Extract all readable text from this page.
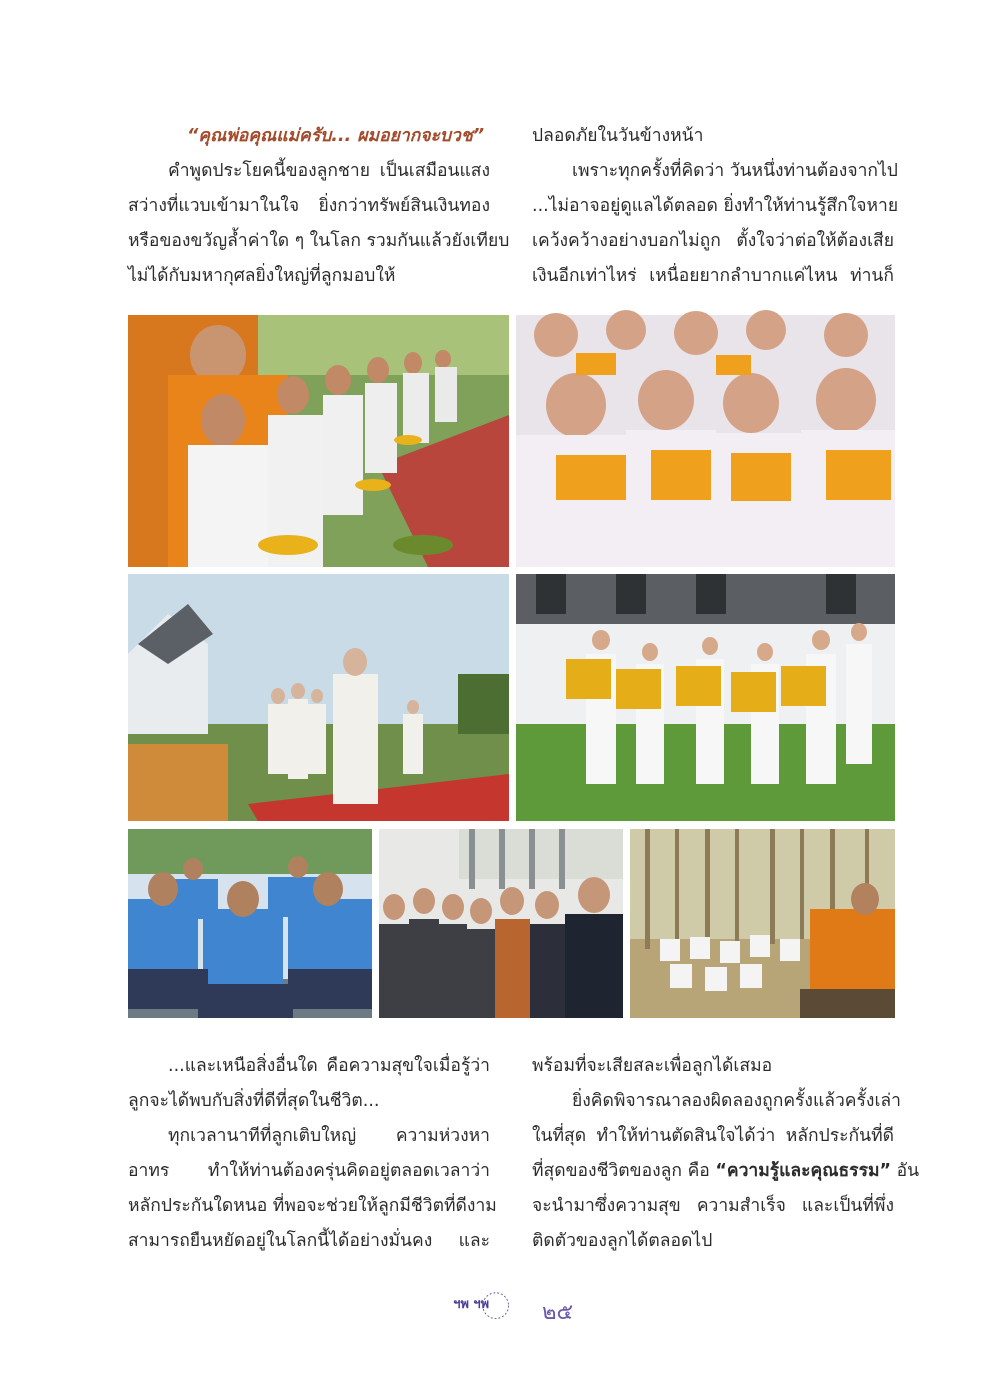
“คุณพ่อคุณแม่ครับ... ผมอยากจะบวช”
คำพูดประโยคนี้ของลูกชาย เป็นเสมือนแสง
สว่างที่แวบเข้ามาในใจ ยิ่งกว่าทรัพย์สินเงินทอง
หรือของขวัญล้ำค่าใด ๆ ในโลก รวมกันแล้วยังเทียบ
ไม่ได้กับมหากุศลยิ่งใหญ่ที่ลูกมอบให้
ปลอดภัยในวันข้างหน้า
เพราะทุกครั้งที่คิดว่า วันหนึ่งท่านต้องจากไป
...ไม่อาจอยู่ดูแลได้ตลอด ยิ่งทำให้ท่านรู้สึกใจหาย
เคว้งคว้างอย่างบอกไม่ถูก ตั้งใจว่าต่อให้ต้องเสีย
เงินอีกเท่าไหร่ เหนื่อยยากลำบากแค่ไหน ท่านก็
...และเหนือสิ่งอื่นใด คือความสุขใจเมื่อรู้ว่า
ลูกจะได้พบกับสิ่งที่ดีที่สุดในชีวิต...
ทุกเวลานาทีที่ลูกเติบใหญ่ ความห่วงหา
อาทร ทำให้ท่านต้องครุ่นคิดอยู่ตลอดเวลาว่า
หลักประกันใดหนอ ที่พอจะช่วยให้ลูกมีชีวิตที่ดีงาม
สามารถยืนหยัดอยู่ในโลกนี้ได้อย่างมั่นคง และ
พร้อมที่จะเสียสละเพื่อลูกได้เสมอ
ยิ่งคิดพิจารณาลองผิดลองถูกครั้งแล้วครั้งเล่า
ในที่สุด ทำให้ท่านตัดสินใจได้ว่า หลักประกันที่ดี
ที่สุดของชีวิตของลูก คือ “ความรู้และคุณธรรม” อัน
จะนำมาซึ่งความสุข ความสำเร็จ และเป็นที่พึ่ง
ติดตัวของลูกได้ตลอดไป
ฯพ ฯพ ๒๕
